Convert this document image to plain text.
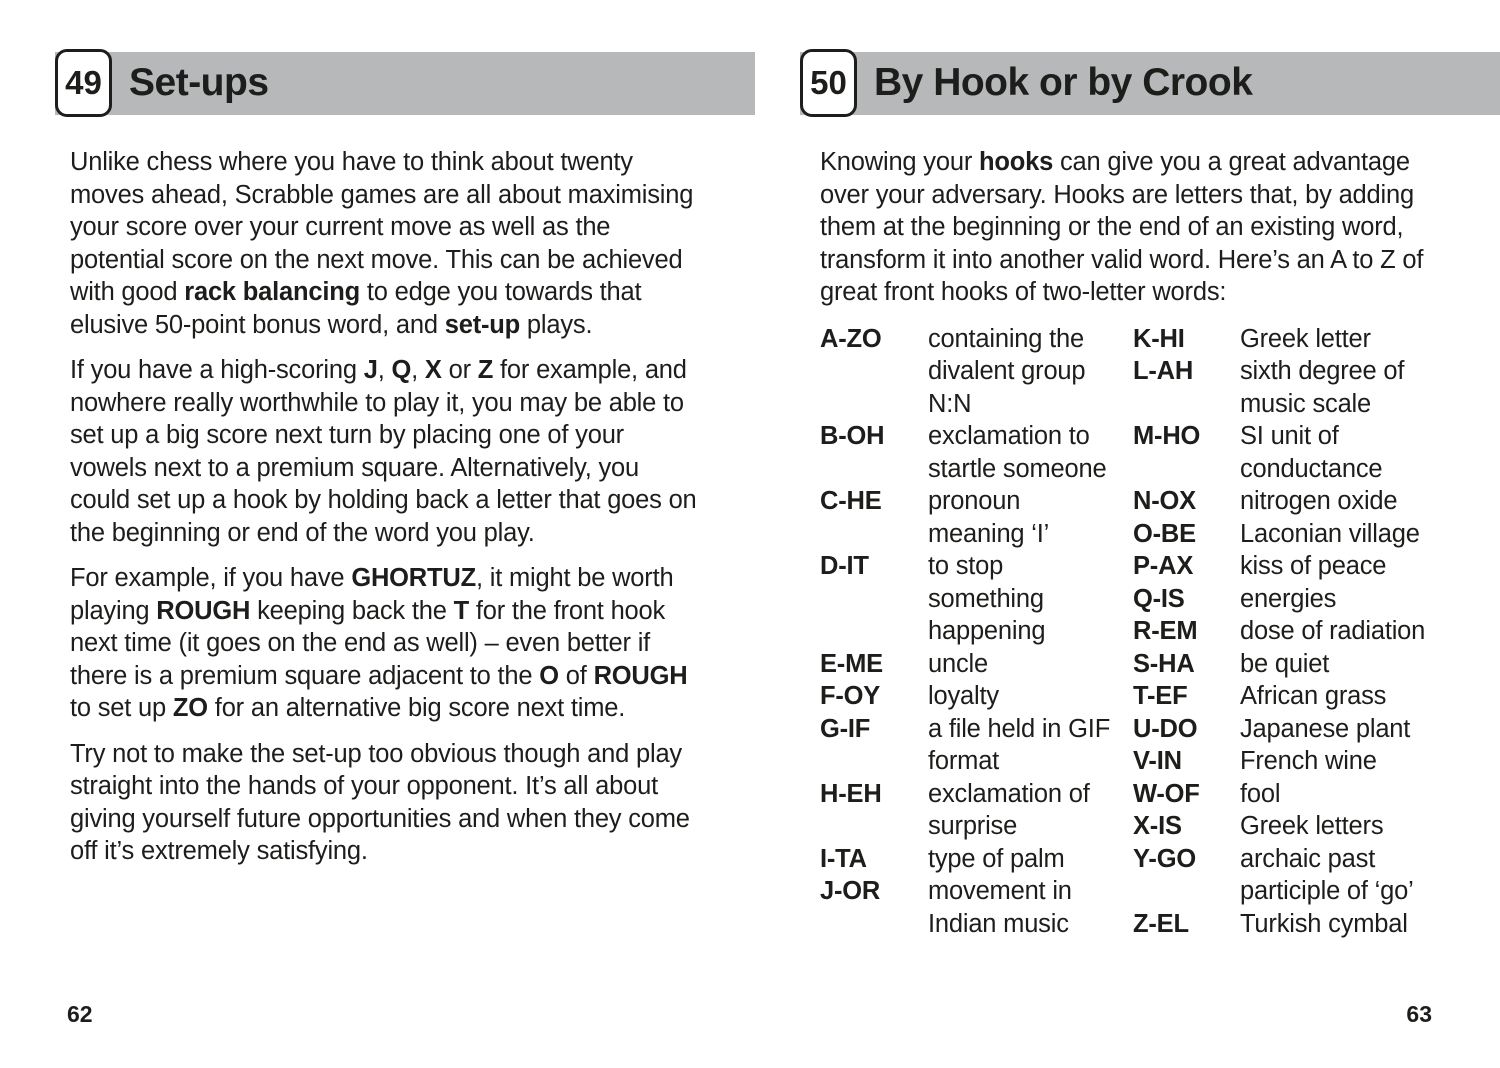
49 Set-ups

Unlike chess where you have to think about twenty moves ahead, Scrabble games are all about maximising your score over your current move as well as the potential score on the next move. This can be achieved with good rack balancing to edge you towards that elusive 50-point bonus word, and set-up plays.

If you have a high-scoring J, Q, X or Z for example, and nowhere really worthwhile to play it, you may be able to set up a big score next turn by placing one of your vowels next to a premium square. Alternatively, you could set up a hook by holding back a letter that goes on the beginning or end of the word you play.

For example, if you have GHORTUZ, it might be worth playing ROUGH keeping back the T for the front hook next time (it goes on the end as well) – even better if there is a premium square adjacent to the O of ROUGH to set up ZO for an alternative big score next time.

Try not to make the set-up too obvious though and play straight into the hands of your opponent. It’s all about giving yourself future opportunities and when they come off it’s extremely satisfying.

62
50 By Hook or by Crook

Knowing your hooks can give you a great advantage over your adversary. Hooks are letters that, by adding them at the beginning or the end of an existing word, transform it into another valid word. Here’s an A to Z of great front hooks of two-letter words:

A-ZO	containing the divalent group N:N
B-OH	exclamation to startle someone
C-HE	pronoun meaning ‘I’
D-IT	to stop something happening
E-ME	uncle
F-OY	loyalty
G-IF	a file held in GIF format
H-EH	exclamation of surprise
I-TA	type of palm
J-OR	movement in Indian music
K-HI	Greek letter
L-AH	sixth degree of music scale
M-HO	SI unit of conductance
N-OX	nitrogen oxide
O-BE	Laconian village
P-AX	kiss of peace
Q-IS	energies
R-EM	dose of radiation
S-HA	be quiet
T-EF	African grass
U-DO	Japanese plant
V-IN	French wine
W-OF	fool
X-IS	Greek letters
Y-GO	archaic past participle of ‘go’
Z-EL	Turkish cymbal
63
